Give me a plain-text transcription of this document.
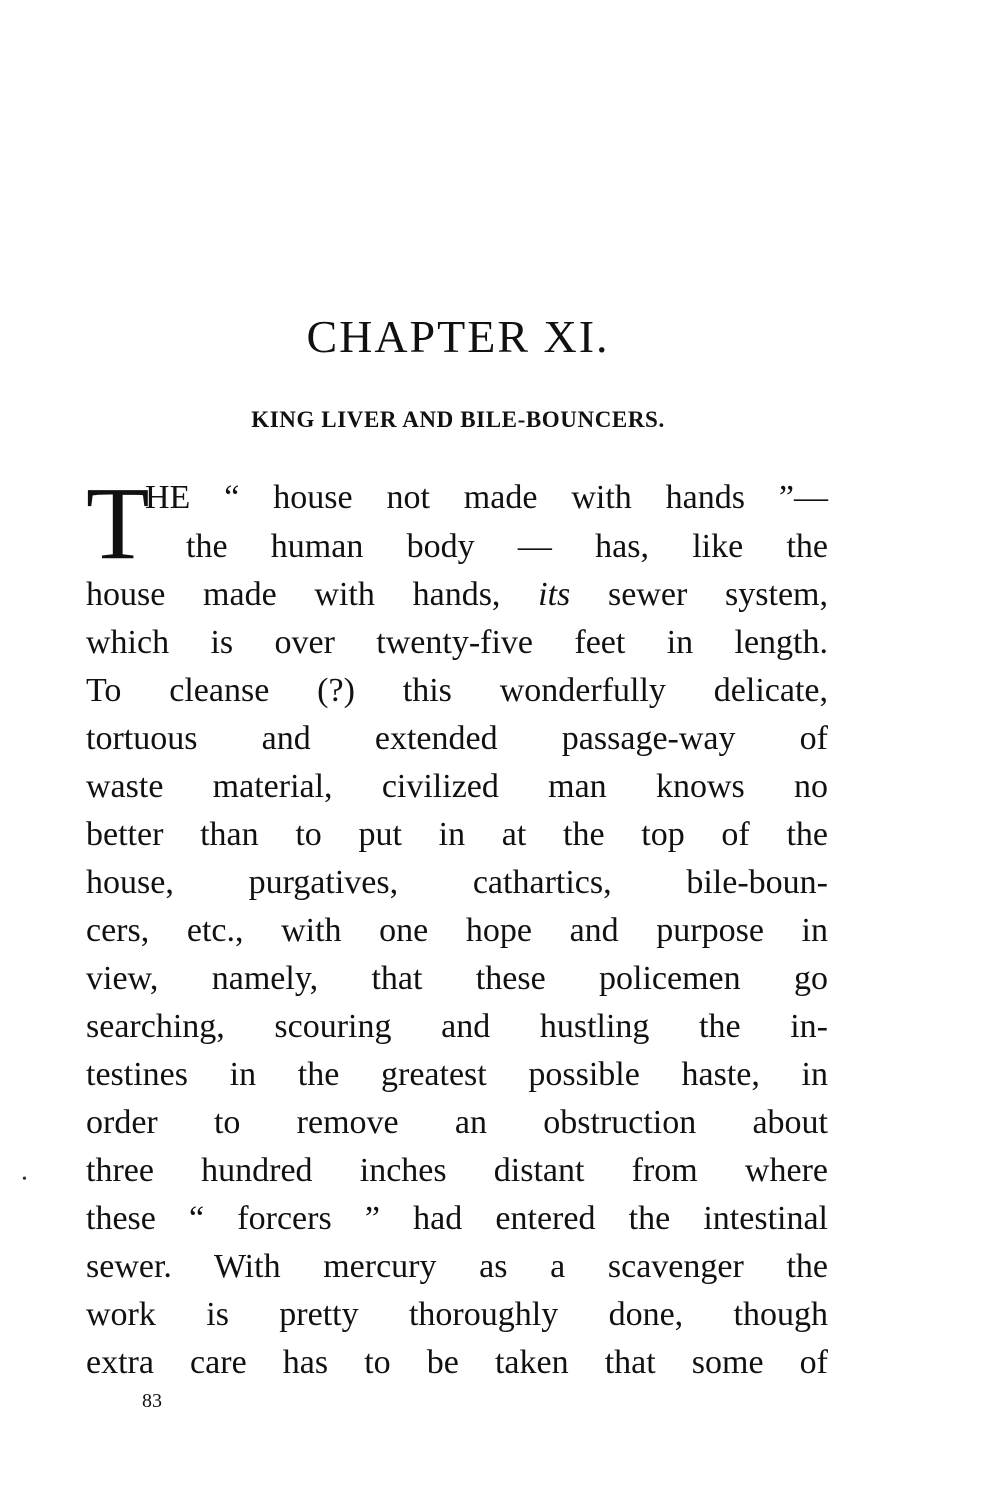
CHAPTER XI.
KING LIVER AND BILE-BOUNCERS.
T
HE “ house not made with hands ”—
the human body — has, like the
house made with hands, its sewer system,
which is over twenty-five feet in length.
To cleanse (?) this wonderfully delicate,
tortuous and extended passage-way of
waste material, civilized man knows no
better than to put in at the top of the
house, purgatives, cathartics, bile-boun-
cers, etc., with one hope and purpose in
view, namely, that these policemen go
searching, scouring and hustling the in-
testines in the greatest possible haste, in
order to remove an obstruction about
three hundred inches distant from where
these “ forcers ” had entered the intestinal
sewer. With mercury as a scavenger the
work is pretty thoroughly done, though
extra care has to be taken that some of
•
83
